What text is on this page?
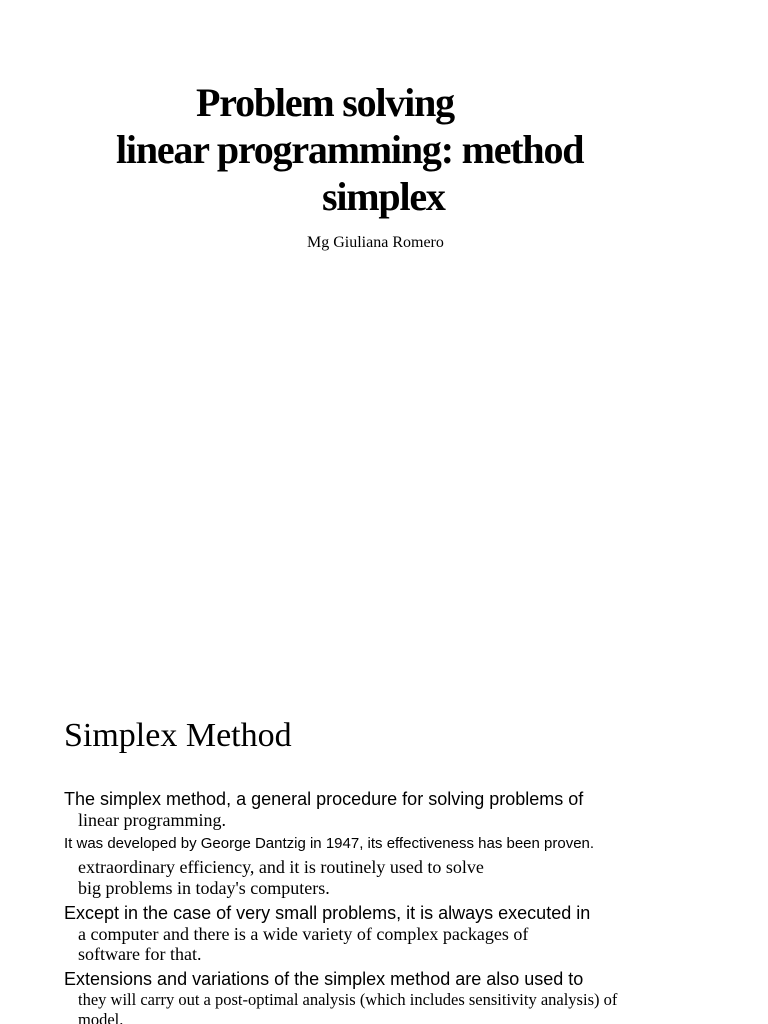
Problem solving
linear programming: method
simplex
Mg Giuliana Romero
Simplex Method
The simplex method, a general procedure for solving problems of
linear programming.
It was developed by George Dantzig in 1947, its effectiveness has been proven.
extraordinary efficiency, and it is routinely used to solve
big problems in today's computers.
Except in the case of very small problems, it is always executed in
a computer and there is a wide variety of complex packages of
software for that.
Extensions and variations of the simplex method are also used to
they will carry out a post-optimal analysis (which includes sensitivity analysis) of
model.
